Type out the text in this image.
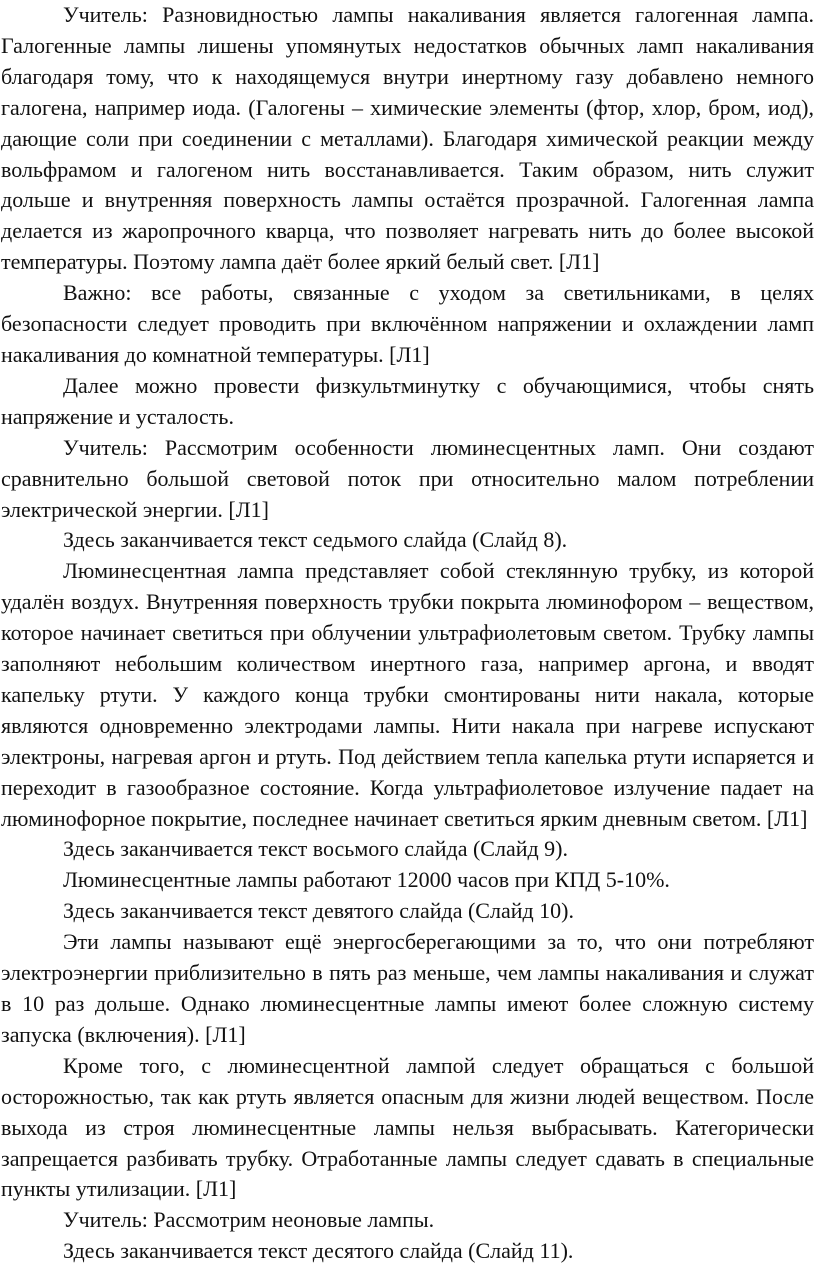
Учитель: Разновидностью лампы накаливания является галогенная лампа. Галогенные лампы лишены упомянутых недостатков обычных ламп накаливания благодаря тому, что к находящемуся внутри инертному газу добавлено немного галогена, например иода. (Галогены – химические элементы (фтор, хлор, бром, иод), дающие соли при соединении с металлами). Благодаря химической реакции между вольфрамом и галогеном нить восстанавливается. Таким образом, нить служит дольше и внутренняя поверхность лампы остаётся прозрачной. Галогенная лампа делается из жаропрочного кварца, что позволяет нагревать нить до более высокой температуры. Поэтому лампа даёт более яркий белый свет. [Л1]

Важно: все работы, связанные с уходом за светильниками, в целях безопасности следует проводить при включённом напряжении и охлаждении ламп накаливания до комнатной температуры. [Л1]

Далее можно провести физкультминутку с обучающимися, чтобы снять напряжение и усталость.

Учитель: Рассмотрим особенности люминесцентных ламп. Они создают сравнительно большой световой поток при относительно малом потреблении электрической энергии. [Л1]

Здесь заканчивается текст седьмого слайда (Слайд 8).

Люминесцентная лампа представляет собой стеклянную трубку, из которой удалён воздух. Внутренняя поверхность трубки покрыта люминофором – веществом, которое начинает светиться при облучении ультрафиолетовым светом. Трубку лампы заполняют небольшим количеством инертного газа, например аргона, и вводят капельку ртути. У каждого конца трубки смонтированы нити накала, которые являются одновременно электродами лампы. Нити накала при нагреве испускают электроны, нагревая аргон и ртуть. Под действием тепла капелька ртути испаряется и переходит в газообразное состояние. Когда ультрафиолетовое излучение падает на люминофорное покрытие, последнее начинает светиться ярким дневным светом. [Л1]

Здесь заканчивается текст восьмого слайда (Слайд 9).

Люминесцентные лампы работают 12000 часов при КПД 5-10%.

Здесь заканчивается текст девятого слайда (Слайд 10).

Эти лампы называют ещё энергосберегающими за то, что они потребляют электроэнергии приблизительно в пять раз меньше, чем лампы накаливания и служат в 10 раз дольше. Однако люминесцентные лампы имеют более сложную систему запуска (включения). [Л1]

Кроме того, с люминесцентной лампой следует обращаться с большой осторожностью, так как ртуть является опасным для жизни людей веществом. После выхода из строя люминесцентные лампы нельзя выбрасывать. Категорически запрещается разбивать трубку. Отработанные лампы следует сдавать в специальные пункты утилизации. [Л1]

Учитель: Рассмотрим неоновые лампы.

Здесь заканчивается текст десятого слайда (Слайд 11).
